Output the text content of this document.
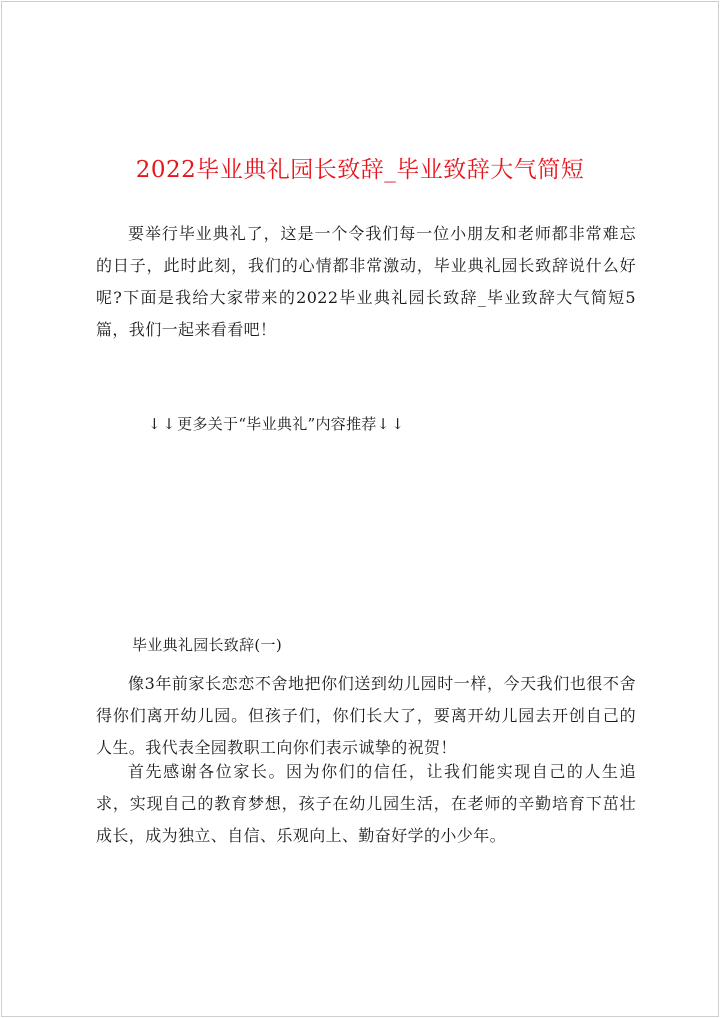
2022毕业典礼园长致辞_毕业致辞大气简短
要举行毕业典礼了，这是一个令我们每一位小朋友和老师都非常难忘的日子，此时此刻，我们的心情都非常激动，毕业典礼园长致辞说什么好呢?下面是我给大家带来的2022毕业典礼园长致辞_毕业致辞大气简短5篇，我们一起来看看吧！
↓↓更多关于“毕业典礼”内容推荐↓↓
毕业典礼园长致辞(一)
像3年前家长恋恋不舍地把你们送到幼儿园时一样，今天我们也很不舍得你们离开幼儿园。但孩子们，你们长大了，要离开幼儿园去开创自己的人生。我代表全园教职工向你们表示诚挚的祝贺！
首先感谢各位家长。因为你们的信任，让我们能实现自己的人生追求，实现自己的教育梦想，孩子在幼儿园生活，在老师的辛勤培育下茁壮成长，成为独立、自信、乐观向上、勤奋好学的小少年。
